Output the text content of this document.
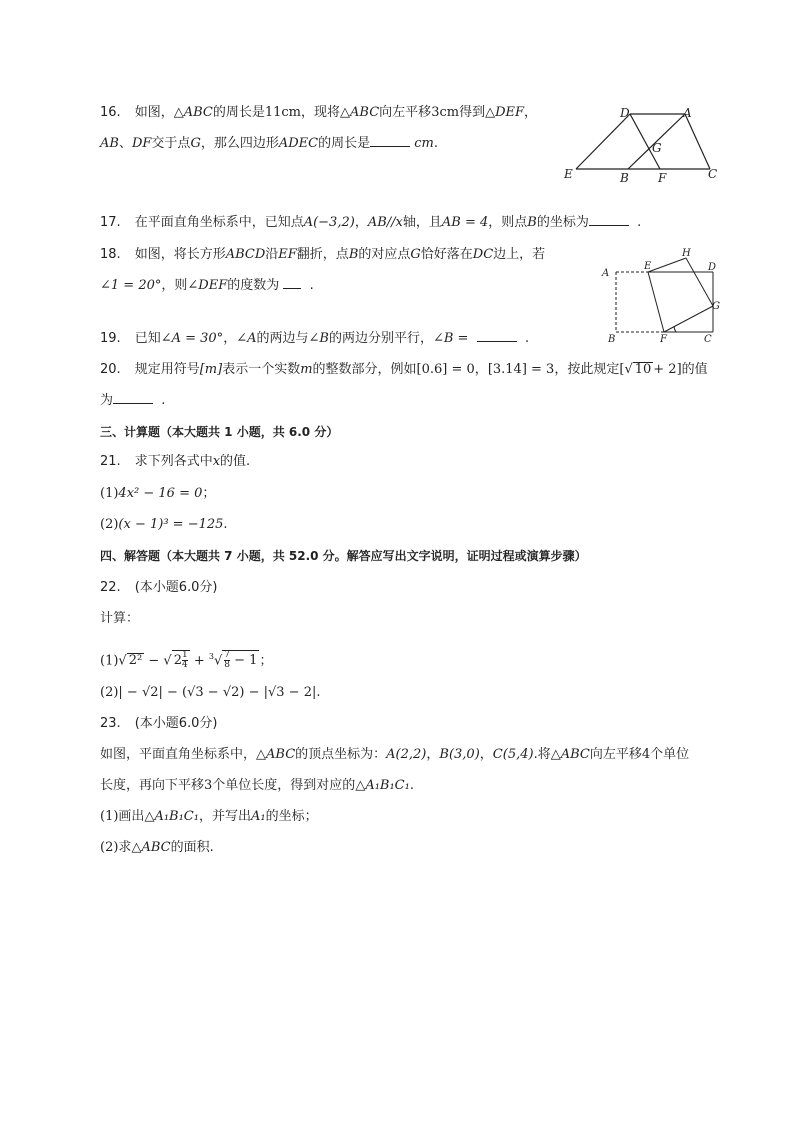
16. 如图，△ABC的周长是11cm，现将△ABC向左平移3cm得到△DEF，
AB、DF交于点G，那么四边形ADEC的周长是	cm.
D	A
G
E	B F	C
17. 在平面直角坐标系中，已知点A(−3,2)，AB//x轴，且AB = 4，则点B的坐标为	.
18. 如图，将长方形ABCD沿EF翻折，点B的对应点G恰好落在DC边上，若
∠1 = 20°，则∠DEF的度数为 .
A
E
H
D
G
B	F	C
19. 已知∠A = 30°，∠A的两边与∠B的两边分别平行，∠B =	.
20. 规定用符号[m]表示一个实数m的整数部分，例如[0.6] = 0，[3.14] = 3，按此规定[√ 10 + 2]的值
为	.
三、计算题（本大题共 1 小题，共 6.0 分）
21. 求下列各式中x的值.
(1)4x² − 16 = 0；
(2)(x − 1)³ = −125.
四、解答题（本大题共 7 小题，共 52.0 分。解答应写出文字说明，证明过程或演算步骤）
22. (本小题6.0分)
计算：
(1)√ 2² − √ $2 \frac{1}{4} + ^3√ \frac{7}{8} - 1$ ；
(2)| − √2| − (√3 − √2) − |√3 − 2|.
23. (本小题6.0分)
如图，平面直角坐标系中，△ABC的顶点坐标为：A(2,2)，B(3,0)，C(5,4).将△ABC向左平移4个单位
长度，再向下平移3个单位长度，得到对应的△A₁B₁C₁.
(1)画出△A₁B₁C₁，并写出A₁的坐标；
(2)求△ABC的面积.
